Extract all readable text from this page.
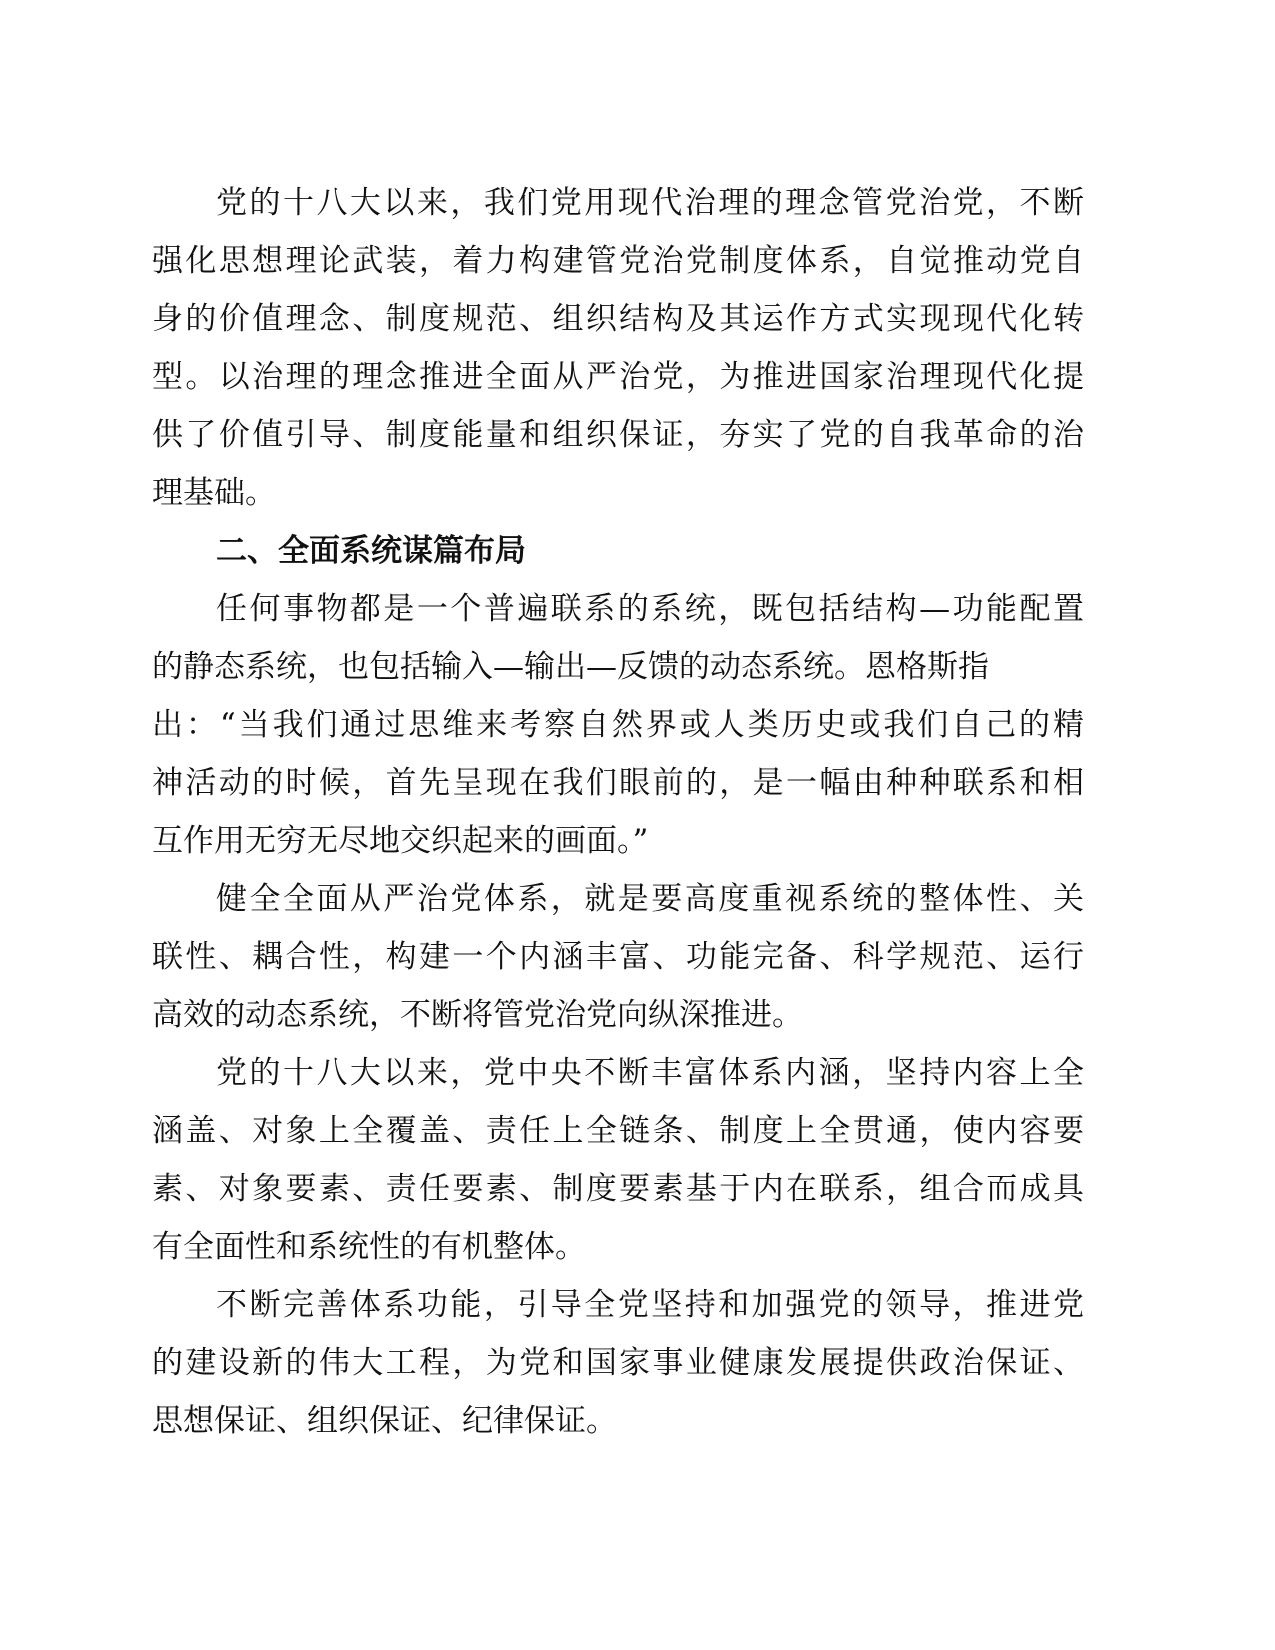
党的十八大以来，我们党用现代治理的理念管党治党，不断
强化思想理论武装，着力构建管党治党制度体系，自觉推动党自
身的价值理念、制度规范、组织结构及其运作方式实现现代化转
型。以治理的理念推进全面从严治党，为推进国家治理现代化提
供了价值引导、制度能量和组织保证，夯实了党的自我革命的治
理基础。
二、全面系统谋篇布局
任何事物都是一个普遍联系的系统，既包括结构—功能配置
的静态系统，也包括输入—输出—反馈的动态系统。恩格斯指
出：“当我们通过思维来考察自然界或人类历史或我们自己的精
神活动的时候，首先呈现在我们眼前的，是一幅由种种联系和相
互作用无穷无尽地交织起来的画面。”
健全全面从严治党体系，就是要高度重视系统的整体性、关
联性、耦合性，构建一个内涵丰富、功能完备、科学规范、运行
高效的动态系统，不断将管党治党向纵深推进。
党的十八大以来，党中央不断丰富体系内涵，坚持内容上全
涵盖、对象上全覆盖、责任上全链条、制度上全贯通，使内容要
素、对象要素、责任要素、制度要素基于内在联系，组合而成具
有全面性和系统性的有机整体。
不断完善体系功能，引导全党坚持和加强党的领导，推进党
的建设新的伟大工程，为党和国家事业健康发展提供政治保证、
思想保证、组织保证、纪律保证。
